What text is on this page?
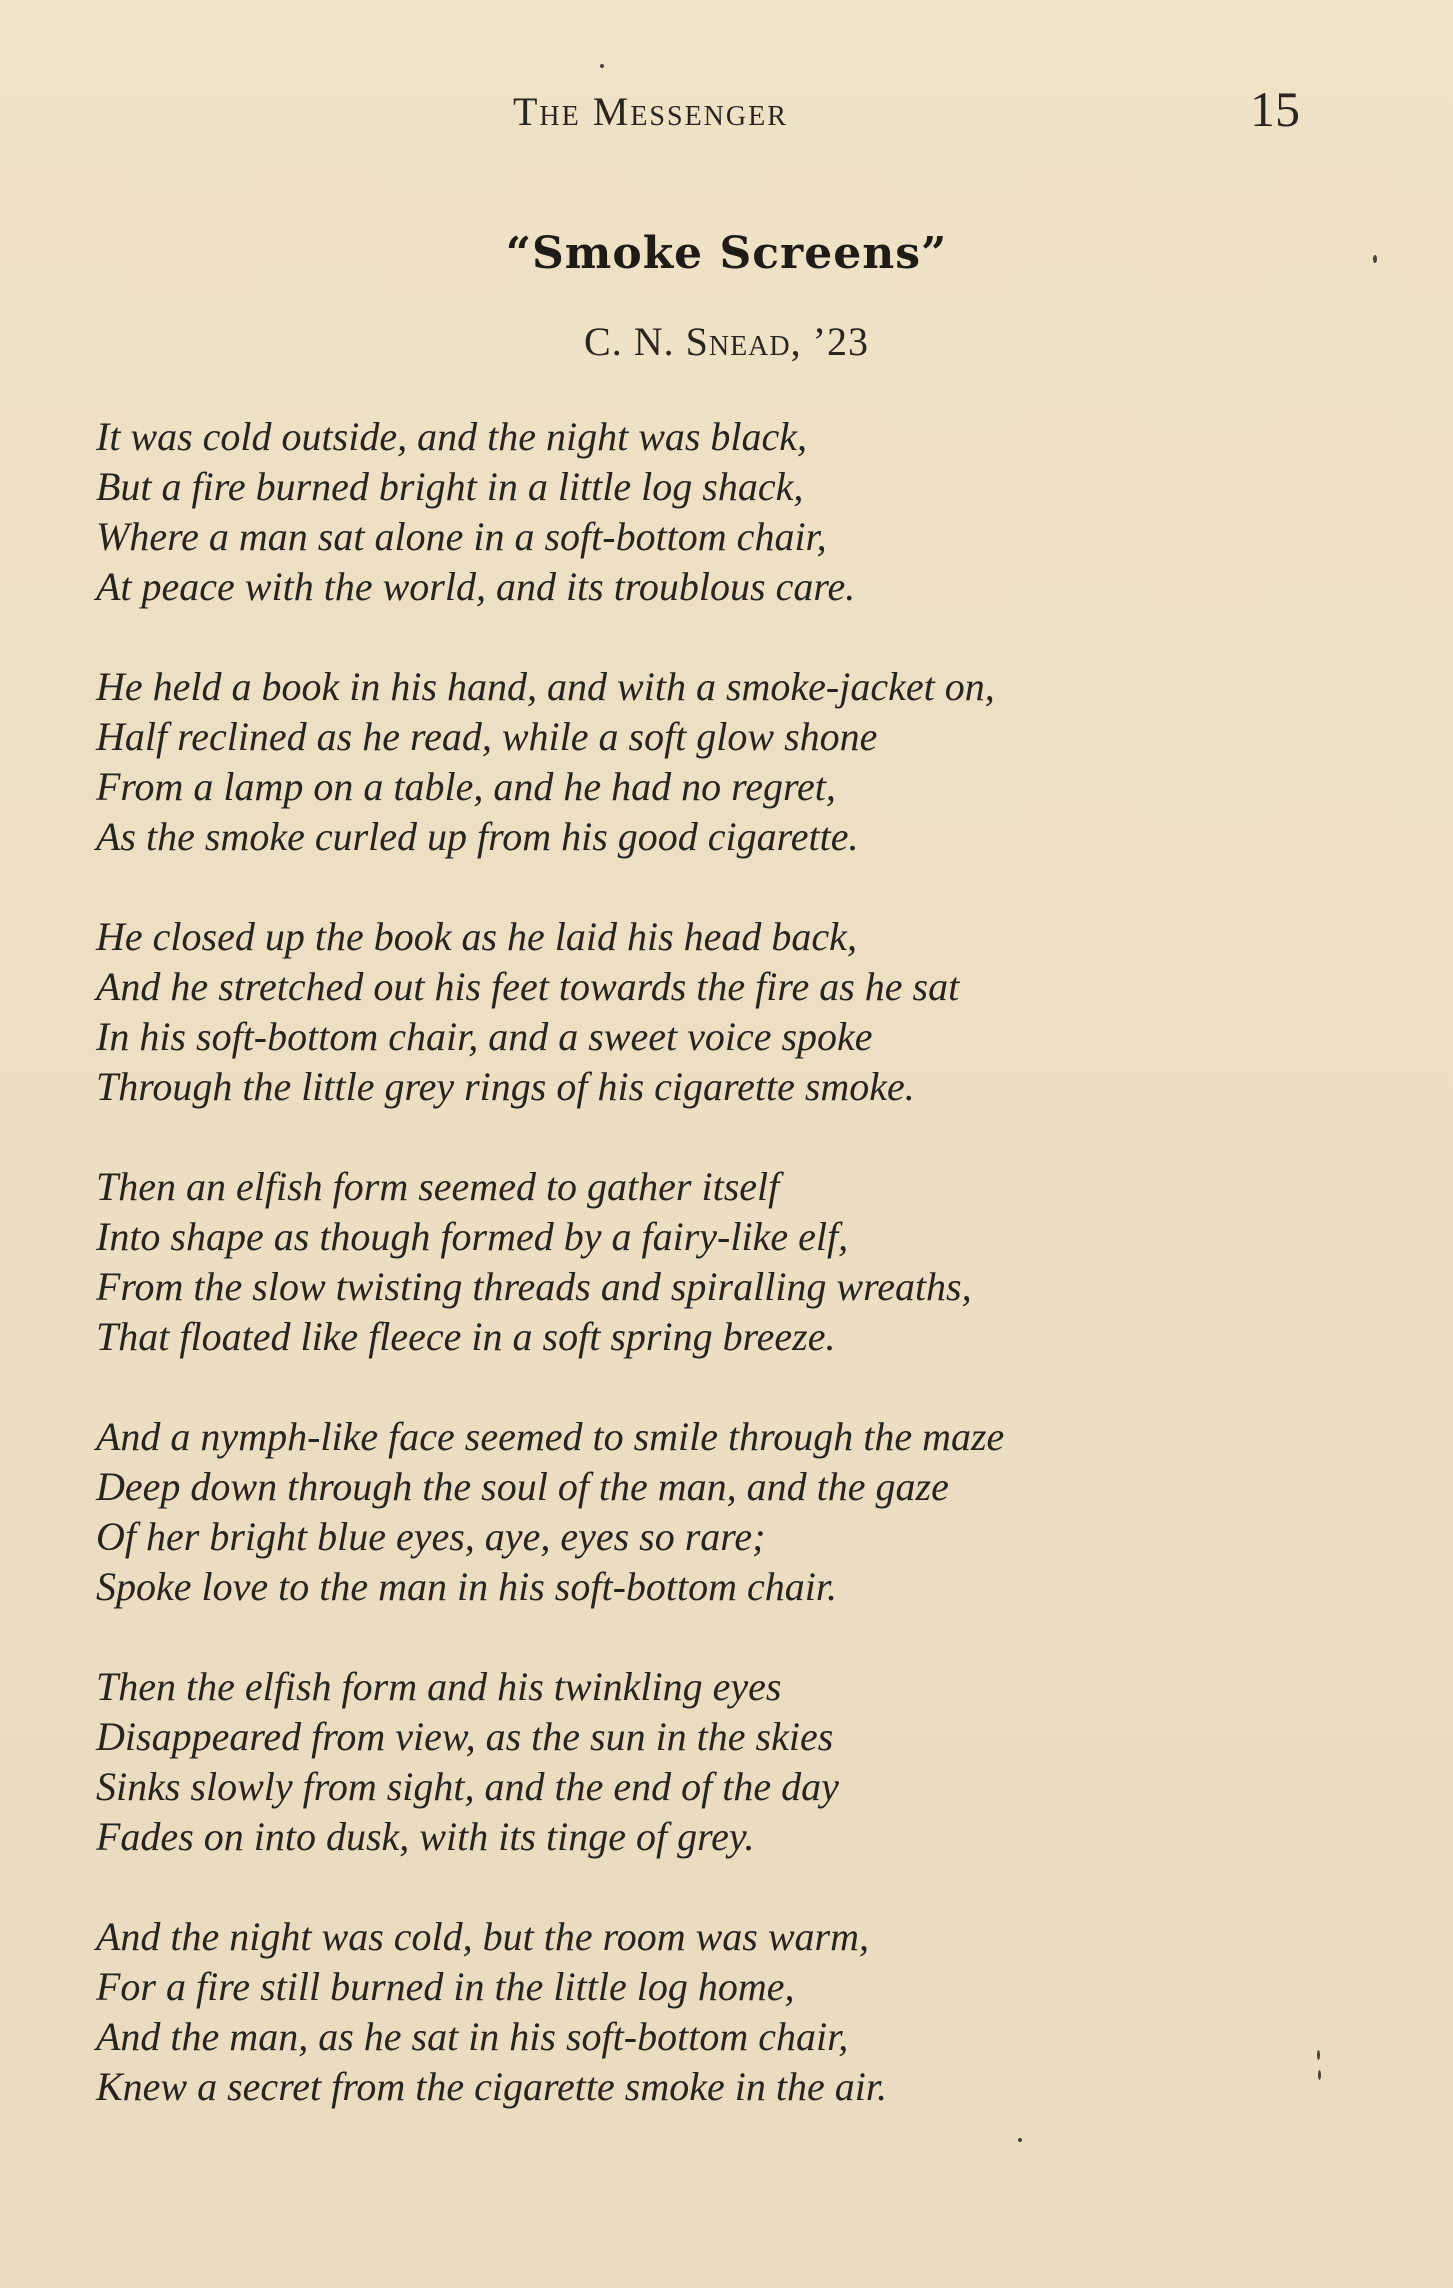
The Messenger	15
“Smoke Screens”
C. N. Snead, ’23
It was cold outside, and the night was black,
But a fire burned bright in a little log shack,
Where a man sat alone in a soft-bottom chair,
At peace with the world, and its troublous care.
He held a book in his hand, and with a smoke-jacket on,
Half reclined as he read, while a soft glow shone
From a lamp on a table, and he had no regret,
As the smoke curled up from his good cigarette.
He closed up the book as he laid his head back,
And he stretched out his feet towards the fire as he sat
In his soft-bottom chair, and a sweet voice spoke
Through the little grey rings of his cigarette smoke.
Then an elfish form seemed to gather itself
Into shape as though formed by a fairy-like elf,
From the slow twisting threads and spiralling wreaths,
That floated like fleece in a soft spring breeze.
And a nymph-like face seemed to smile through the maze
Deep down through the soul of the man, and the gaze
Of her bright blue eyes, aye, eyes so rare;
Spoke love to the man in his soft-bottom chair.
Then the elfish form and his twinkling eyes
Disappeared from view, as the sun in the skies
Sinks slowly from sight, and the end of the day
Fades on into dusk, with its tinge of grey.
And the night was cold, but the room was warm,
For a fire still burned in the little log home,
And the man, as he sat in his soft-bottom chair,
Knew a secret from the cigarette smoke in the air.
